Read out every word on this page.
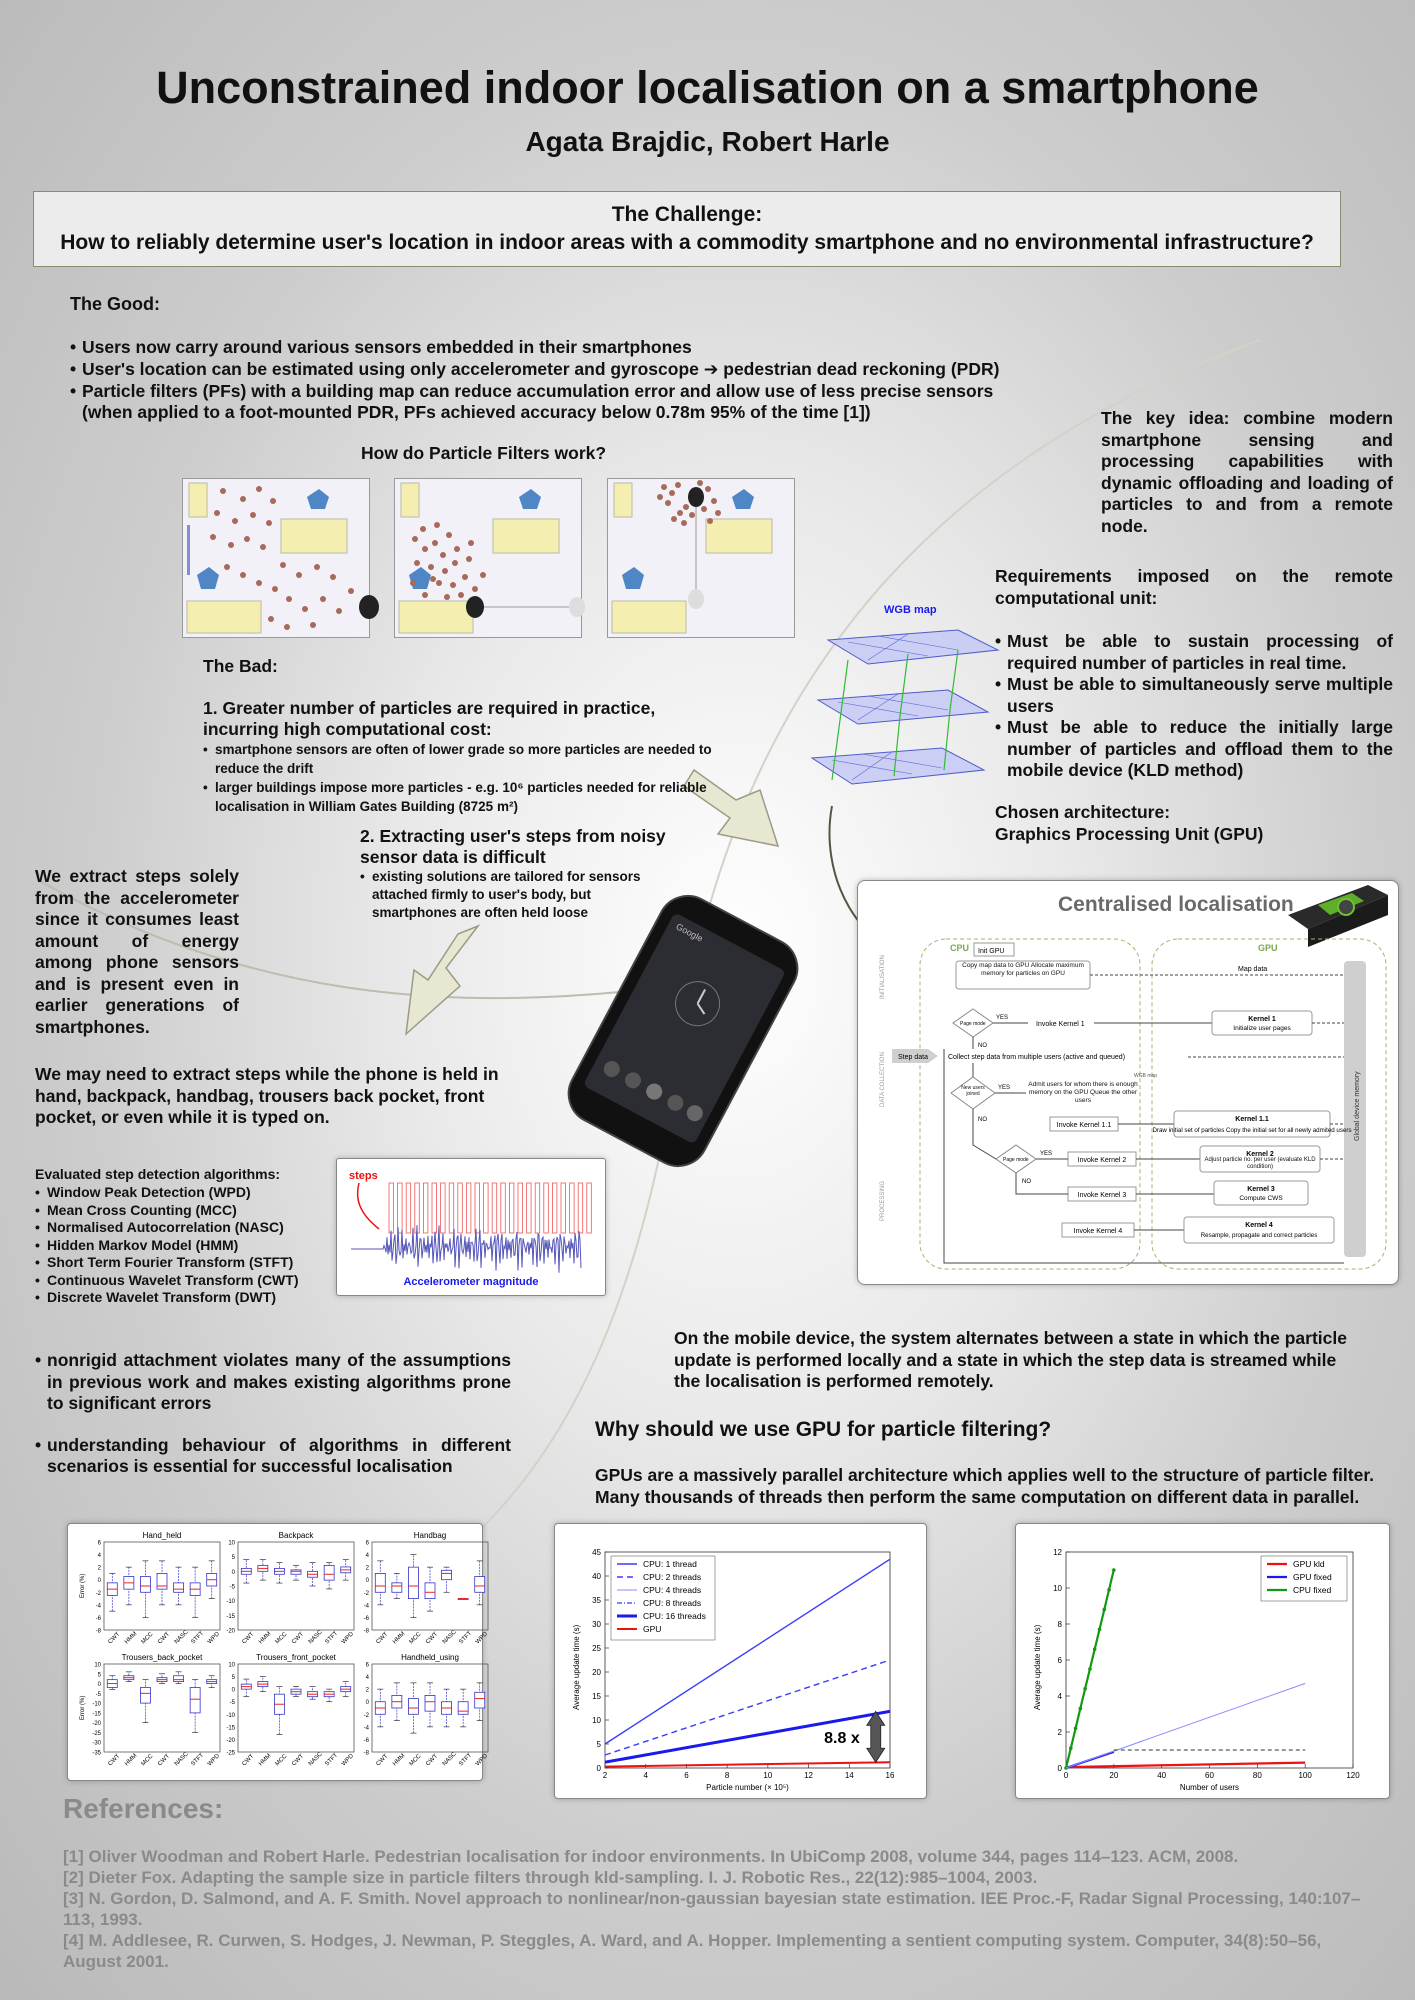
Unconstrained indoor localisation on a smartphone
Agata Brajdic, Robert Harle
The Challenge:
How to reliably determine user's location in indoor areas with a commodity smartphone and no environmental infrastructure?
The Good:
• Users now carry around various sensors embedded in their smartphones
• User's location can be estimated using only accelerometer and gyroscope ➔ pedestrian dead reckoning (PDR)
• Particle filters (PFs) with a building map can reduce accumulation error and allow use of less precise sensors
(when applied to a foot-mounted PDR, PFs achieved accuracy below 0.78m 95% of the time [1])
How do Particle Filters work?
The Bad:
1. Greater number of particles are required in practice, incurring high computational cost:
• smartphone sensors are often of lower grade so more particles are needed to reduce the drift
• larger buildings impose more particles - e.g. 10⁶ particles needed for reliable localisation in William Gates Building (8725 m²)
2. Extracting user's steps from noisy sensor data is difficult
• existing solutions are tailored for sensors attached firmly to user's body, but smartphones are often held loose
We extract steps solely from the accelerometer since it consumes least amount of energy among phone sensors and is present even in earlier generations of smartphones.
We may need to extract steps while the phone is held in hand, backpack, handbag, trousers back pocket, front pocket, or even while it is typed on.
Evaluated step detection algorithms:
• Window Peak Detection (WPD)
• Mean Cross Counting (MCC)
• Normalised Autocorrelation (NASC)
• Hidden Markov Model (HMM)
• Short Term Fourier Transform (STFT)
• Continuous Wavelet Transform (CWT)
• Discrete Wavelet Transform (DWT)
steps
Accelerometer magnitude
Google
• nonrigid attachment violates many of the assumptions in previous work and makes existing algorithms prone to significant errors
• understanding behaviour of algorithms in different scenarios is essential for successful localisation
The key idea: combine modern smartphone sensing and processing capabilities with dynamic offloading and loading of particles to and from a remote node.
Requirements imposed on the remote computational unit:
• Must be able to sustain processing of required number of particles in real time.
• Must be able to simultaneously serve multiple users
• Must be able to reduce the initially large number of particles and offload them to the mobile device (KLD method)
Chosen architecture:
Graphics Processing Unit (GPU)
WGB map
Centralised localisation
CPU	GPU
INITIALISATION
DATA COLLECTION
PROCESSING
Global device memory
Init GPU
Copy map data to GPU Allocate maximum memory for particles on GPU
Map data
Page mode
YES
NO
Invoke Kernel 1
Kernel 1
Initialize user pages
Step data	Collect step data from multiple users (active and queued)
WGB map
New users joined
YES
NO
Admit users for whom there is enough memory on the GPU Queue the other users
Invoke Kernel 1.1
Kernel 1.1
Draw initial set of particles Copy the initial set for all newly admited users
Page mode
YES
NO
Invoke Kernel 2
Kernel 2
Adjust particle no. per user (evaluate KLD condition)
Invoke Kernel 3
Kernel 3
Compute CWS
Invoke Kernel 4
Kernel 4
Resample, propagate and correct particles
On the mobile device, the system alternates between a state in which the particle update is performed locally and a state in which the step data is streamed while the localisation is performed remotely.
Why should we use GPU for particle filtering?
GPUs are a massively parallel architecture which applies well to the structure of particle filter. Many thousands of threads then perform the same computation on different data in parallel.
Hand_held
6
4
2
0
-2
-4
-6
-8
Error (%)
CWT HMM MCC CWT NASC STFT WPD
Backpack
10
5
0
-5
-10
-15
-20
CWT HMM MCC CWT NASC STFT WPD
Handbag
6
4
2
0
-2
-4
-6
-8
CWT HMM MCC CWT NASC STFT WPD
Trousers_back_pocket
10
5
0
-5
-10
-15
-20
-25
-30
-35
Error (%)
CWT HMM MCC CWT NASC STFT WPD
Trousers_front_pocket
10
5
0
-5
-10
-15
-20
-25
CWT HMM MCC CWT NASC STFT WPD
Handheld_using
6
4
2
0
-2
-4
-6
-8
CWT HMM MCC CWT NASC STFT WPD
2	4	6	8	10	12	14	16
0
5
10
15
20
25
30
35
40
45
Particle number (× 10⁵)
Average update time (s)
CPU: 1 thread
CPU: 2 threads
CPU: 4 threads
CPU: 8 threads
CPU: 16 threads
GPU
8.8 x
0	20	40	60	80	100	120
0
2
4
6
8
10
12
Number of users
Average update time (s)
GPU kld
GPU fixed
CPU fixed
References:

[1] Oliver Woodman and Robert Harle. Pedestrian localisation for indoor environments. In UbiComp 2008, volume 344, pages 114–123. ACM, 2008.

[2] Dieter Fox. Adapting the sample size in particle filters through kld-sampling. I. J. Robotic Res., 22(12):985–1004, 2003.

[3] N. Gordon, D. Salmond, and A. F. Smith. Novel approach to nonlinear/non-gaussian bayesian state estimation. IEE Proc.-F, Radar Signal Processing, 140:107–113, 1993.

[4] M. Addlesee, R. Curwen, S. Hodges, J. Newman, P. Steggles, A. Ward, and A. Hopper. Implementing a sentient computing system. Computer, 34(8):50–56, August 2001.
